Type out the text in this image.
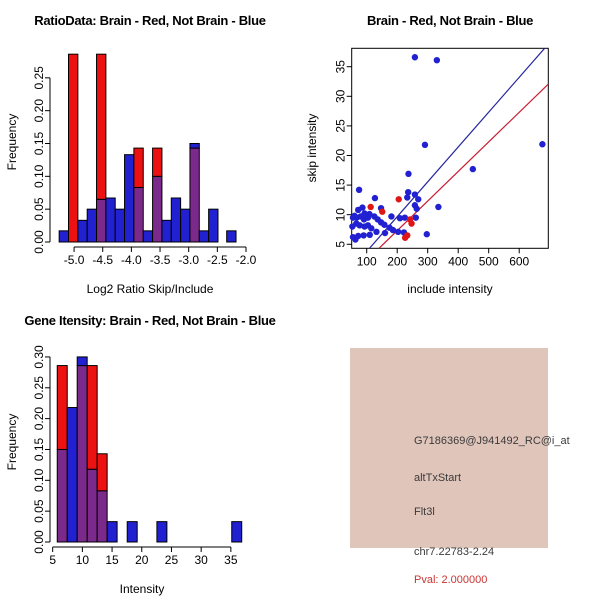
RatioData: Brain - Red, Not Brain - Blue
Frequency
Log2 Ratio Skip/Include
-5.0 -4.5 -4.0 -3.5 -3.0 -2.5 -2.0
0.00
0.05
0.10
0.15
0.20
0.25
Brain - Red, Not Brain - Blue
skip intensity
include intensity
100 200 300 400 500 600
5
10
15
20
25
30
35
Gene Itensity: Brain - Red, Not Brain - Blue
Frequency
Intensity
5 10 15 20 25 30 35
0.00
0.05
0.10
0.15
0.20
0.25
0.30
G7186369@J941492_RC@i_at
altTxStart
Flt3l
chr7.22783-2.24
Pval: 2.000000
